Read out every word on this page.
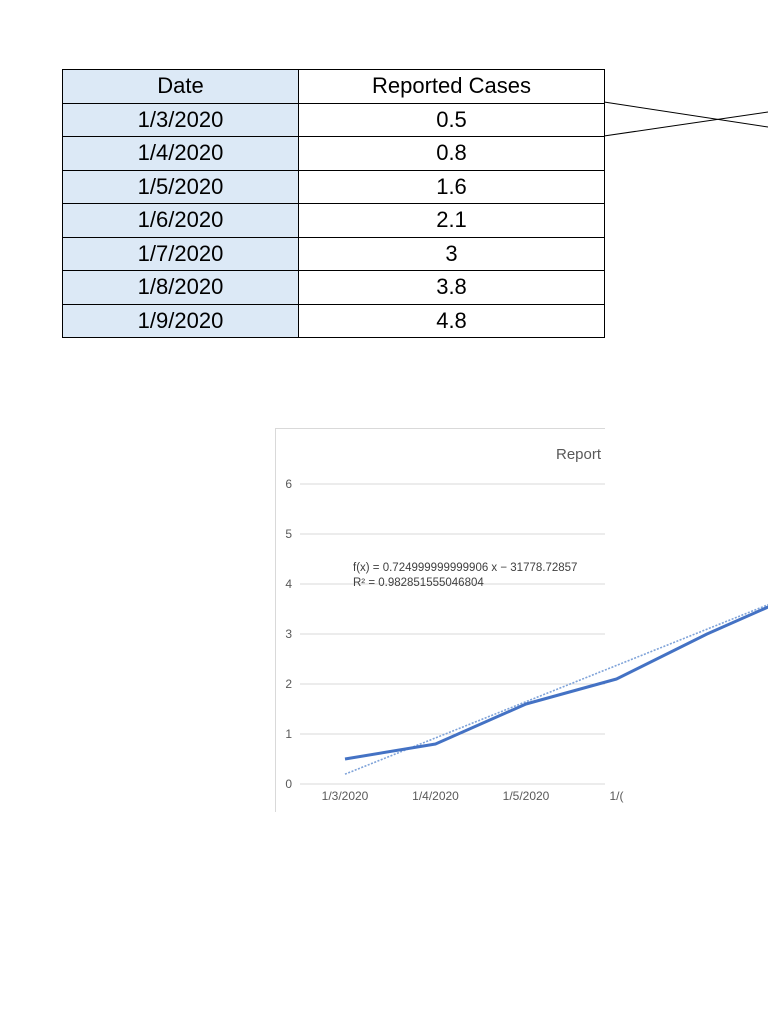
Date	Reported Cases
1/3/2020	0.5
1/4/2020	0.8
1/5/2020	1.6
1/6/2020	2.1
1/7/2020	3
1/8/2020	3.8
1/9/2020	4.8
Report
0
1
2
3
4
5
6
1/3/2020	1/4/2020	1/5/2020	1/(
f(x) = 0.724999999999906 x − 31778.72857
R² = 0.982851555046804
